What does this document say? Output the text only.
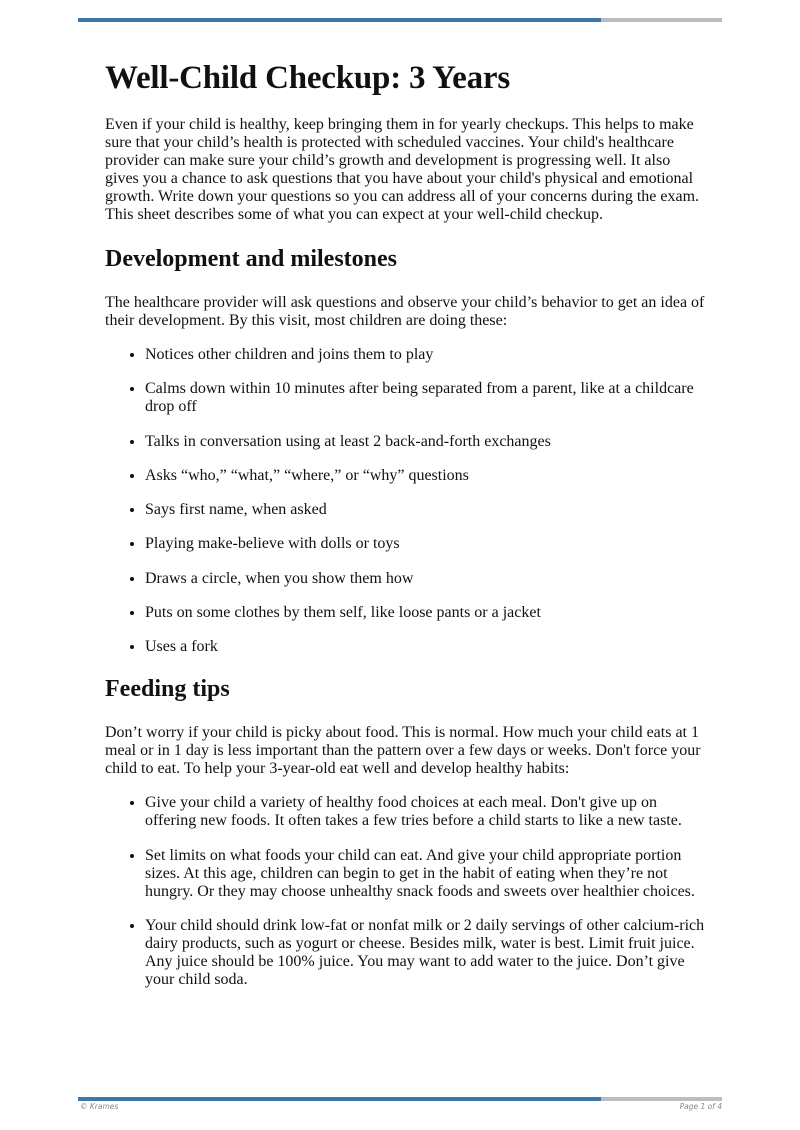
Well-Child Checkup: 3 Years

Even if your child is healthy, keep bringing them in for yearly checkups. This helps to make sure that your child’s health is protected with scheduled vaccines. Your child's healthcare provider can make sure your child’s growth and development is progressing well. It also gives you a chance to ask questions that you have about your child's physical and emotional growth. Write down your questions so you can address all of your concerns during the exam. This sheet describes some of what you can expect at your well-child checkup.

Development and milestones

The healthcare provider will ask questions and observe your child’s behavior to get an idea of their development. By this visit, most children are doing these:

• Notices other children and joins them to play
• Calms down within 10 minutes after being separated from a parent, like at a childcare drop off
• Talks in conversation using at least 2 back-and-forth exchanges
• Asks “who,” “what,” “where,” or “why” questions
• Says first name, when asked
• Playing make-believe with dolls or toys
• Draws a circle, when you show them how
• Puts on some clothes by them self, like loose pants or a jacket
• Uses a fork
Feeding tips

Don’t worry if your child is picky about food. This is normal. How much your child eats at 1 meal or in 1 day is less important than the pattern over a few days or weeks. Don't force your child to eat. To help your 3-year-old eat well and develop healthy habits:

• Give your child a variety of healthy food choices at each meal. Don't give up on offering new foods. It often takes a few tries before a child starts to like a new taste.
• Set limits on what foods your child can eat. And give your child appropriate portion sizes. At this age, children can begin to get in the habit of eating when they’re not hungry. Or they may choose unhealthy snack foods and sweets over healthier choices.
• Your child should drink low-fat or nonfat milk or 2 daily servings of other calcium-rich dairy products, such as yogurt or cheese. Besides milk, water is best. Limit fruit juice. Any juice should be 100% juice. You may want to add water to the juice. Don’t give your child soda.
© Krames	Page 1 of 4
